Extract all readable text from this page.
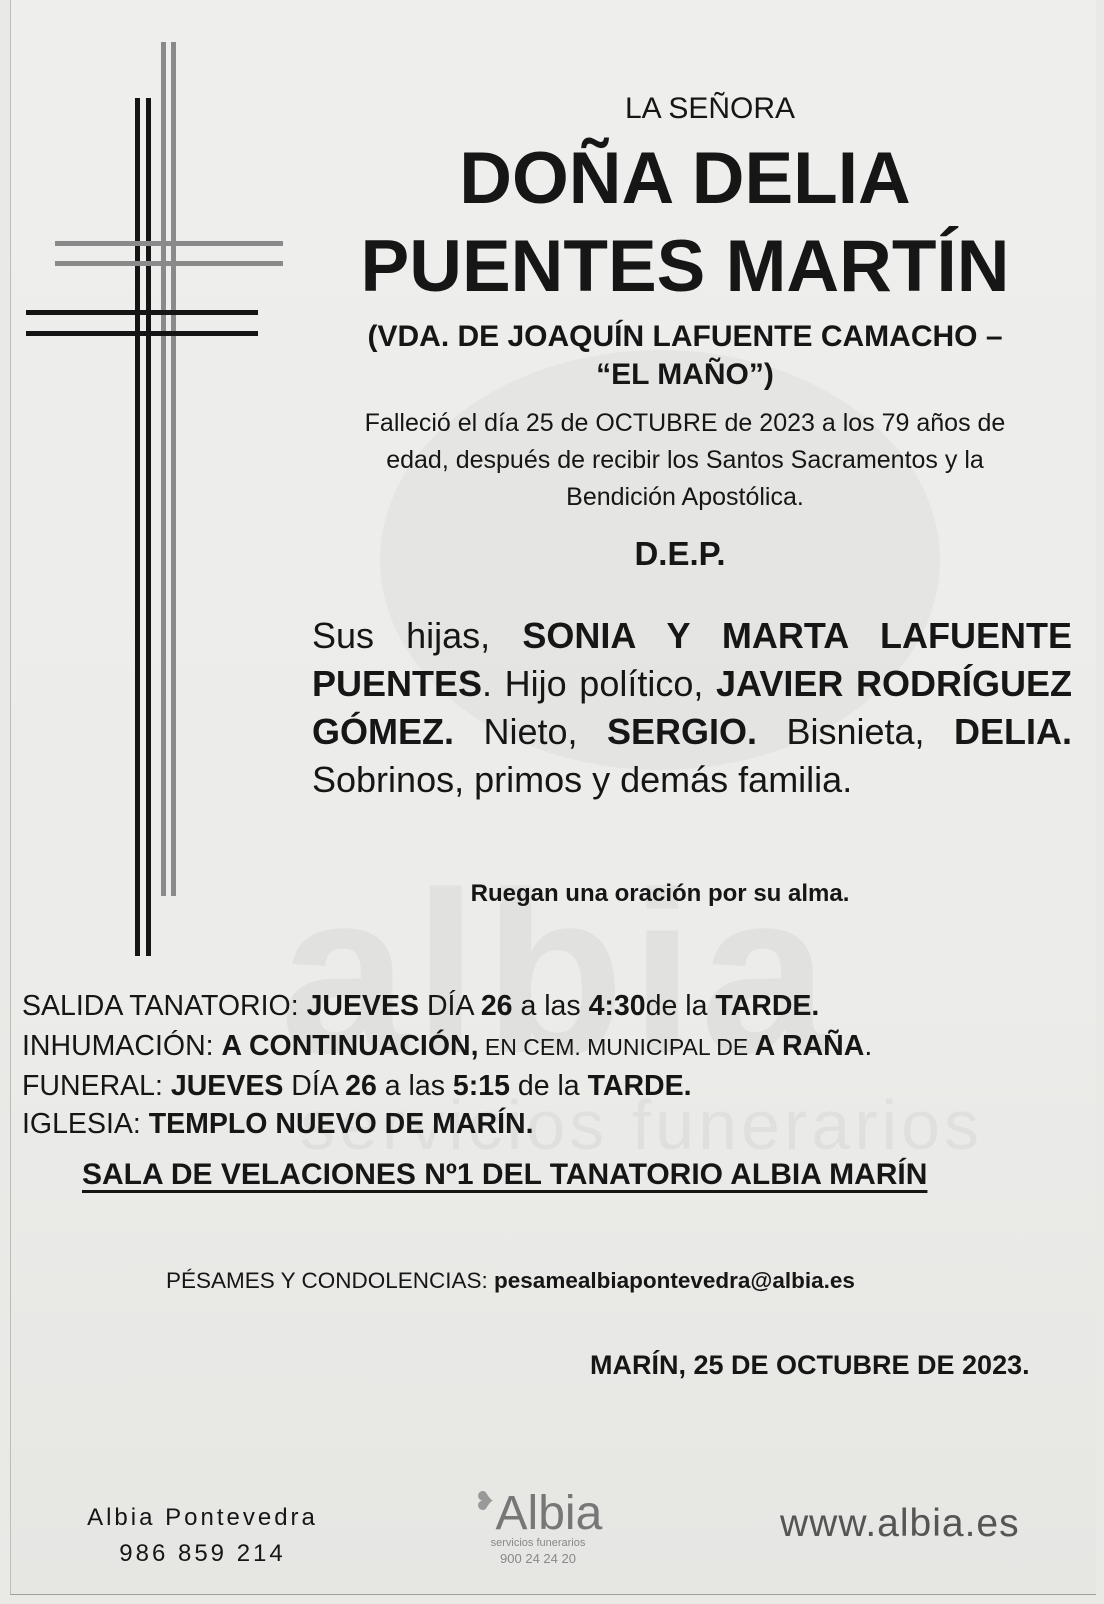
LA SEÑORA
DOÑA DELIA
PUENTES MARTÍN
(VDA. DE JOAQUÍN LAFUENTE CAMACHO –
“EL MAÑO”)
Falleció el día 25 de OCTUBRE de 2023 a los 79 años de
edad, después de recibir los Santos Sacramentos y la
Bendición Apostólica.
D.E.P.
Sus hijas, SONIA Y MARTA LAFUENTE PUENTES. Hijo político, JAVIER RODRÍGUEZ GÓMEZ. Nieto, SERGIO. Bisnieta, DELIA. Sobrinos, primos y demás familia.
Ruegan una oración por su alma.
SALIDA TANATORIO: JUEVES DÍA 26 a las 4:30de la TARDE.
INHUMACIÓN: A CONTINUACIÓN, EN CEM. MUNICIPAL DE A RAÑA.
FUNERAL: JUEVES DÍA 26 a las 5:15 de la TARDE.
IGLESIA: TEMPLO NUEVO DE MARÍN.
SALA DE VELACIONES Nº1 DEL TANATORIO ALBIA MARÍN
PÉSAMES Y CONDOLENCIAS: pesamealbiapontevedra@albia.es
MARÍN, 25 DE OCTUBRE DE 2023.
Albia Pontevedra
986 859 214
❥Albia
servicios funerarios
900 24 24 20
www.albia.es
